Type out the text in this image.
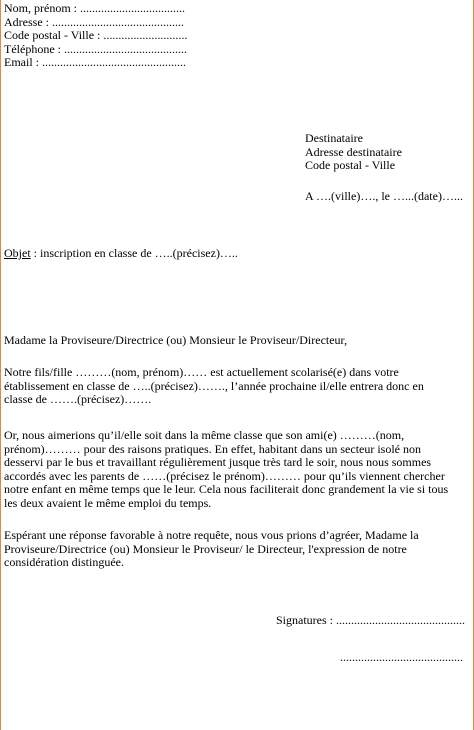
Nom, prénom : ...................................
Adresse : ............................................
Code postal - Ville : ............................
Téléphone : .........................................
Email : ................................................
Destinataire
Adresse destinataire
Code postal - Ville
A ….(ville)…., le …...(date)…...
Objet : inscription en classe de …..(précisez)…..
Madame la Proviseure/Directrice (ou) Monsieur le Proviseur/Directeur,
Notre fils/fille ………(nom, prénom)…… est actuellement scolarisé(e) dans votre
établissement en classe de …..(précisez)……., l’année prochaine il/elle entrera donc en
classe de …….(précisez)…….
Or, nous aimerions qu’il/elle soit dans la même classe que son ami(e) ………(nom,
prénom)……… pour des raisons pratiques. En effet, habitant dans un secteur isolé non
desservi par le bus et travaillant régulièrement jusque très tard le soir, nous nous sommes
accordés avec les parents de ……(précisez le prénom)……… pour qu’ils viennent chercher
notre enfant en même temps que le leur. Cela nous faciliterait donc grandement la vie si tous
les deux avaient le même emploi du temps.
Espérant une réponse favorable à notre requête, nous vous prions d’agréer, Madame la
Proviseure/Directrice (ou) Monsieur le Proviseur/ le Directeur, l'expression de notre
considération distinguée.
Signatures : ...........................................
.........................................
